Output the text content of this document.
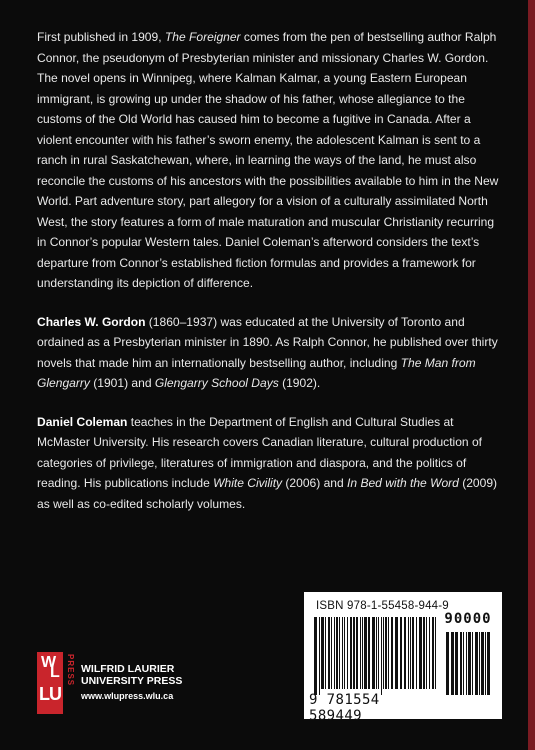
First published in 1909, The Foreigner comes from the pen of bestselling author Ralph Connor, the pseudonym of Presbyterian minister and missionary Charles W. Gordon. The novel opens in Winnipeg, where Kalman Kalmar, a young Eastern European immigrant, is growing up under the shadow of his father, whose allegiance to the customs of the Old World has caused him to become a fugitive in Canada. After a violent encounter with his father’s sworn enemy, the adolescent Kalman is sent to a ranch in rural Saskatchewan, where, in learning the ways of the land, he must also reconcile the customs of his ancestors with the possibilities available to him in the New World. Part adventure story, part allegory for a vision of a culturally assimilated North West, the story features a form of male maturation and muscular Christianity recurring in Connor’s popular Western tales. Daniel Coleman’s afterword considers the text’s departure from Connor’s established fiction formulas and provides a framework for understanding its depiction of difference.

Charles W. Gordon (1860–1937) was educated at the University of Toronto and ordained as a Presbyterian minister in 1890. As Ralph Connor, he published over thirty novels that made him an internationally bestselling author, including The Man from Glengarry (1901) and Glengarry School Days (1902).

Daniel Coleman teaches in the Department of English and Cultural Studies at McMaster University. His research covers Canadian literature, cultural production of categories of privilege, literatures of immigration and diaspora, and the politics of reading. His publications include White Civility (2006) and In Bed with the Word (2009) as well as co-edited scholarly volumes.

W
L
LU
PRESS WILFRID LAURIER
UNIVERSITY PRESS
www.wlupress.wlu.ca
ISBN 978-1-55458-944-9
90000
9 781554 589449
